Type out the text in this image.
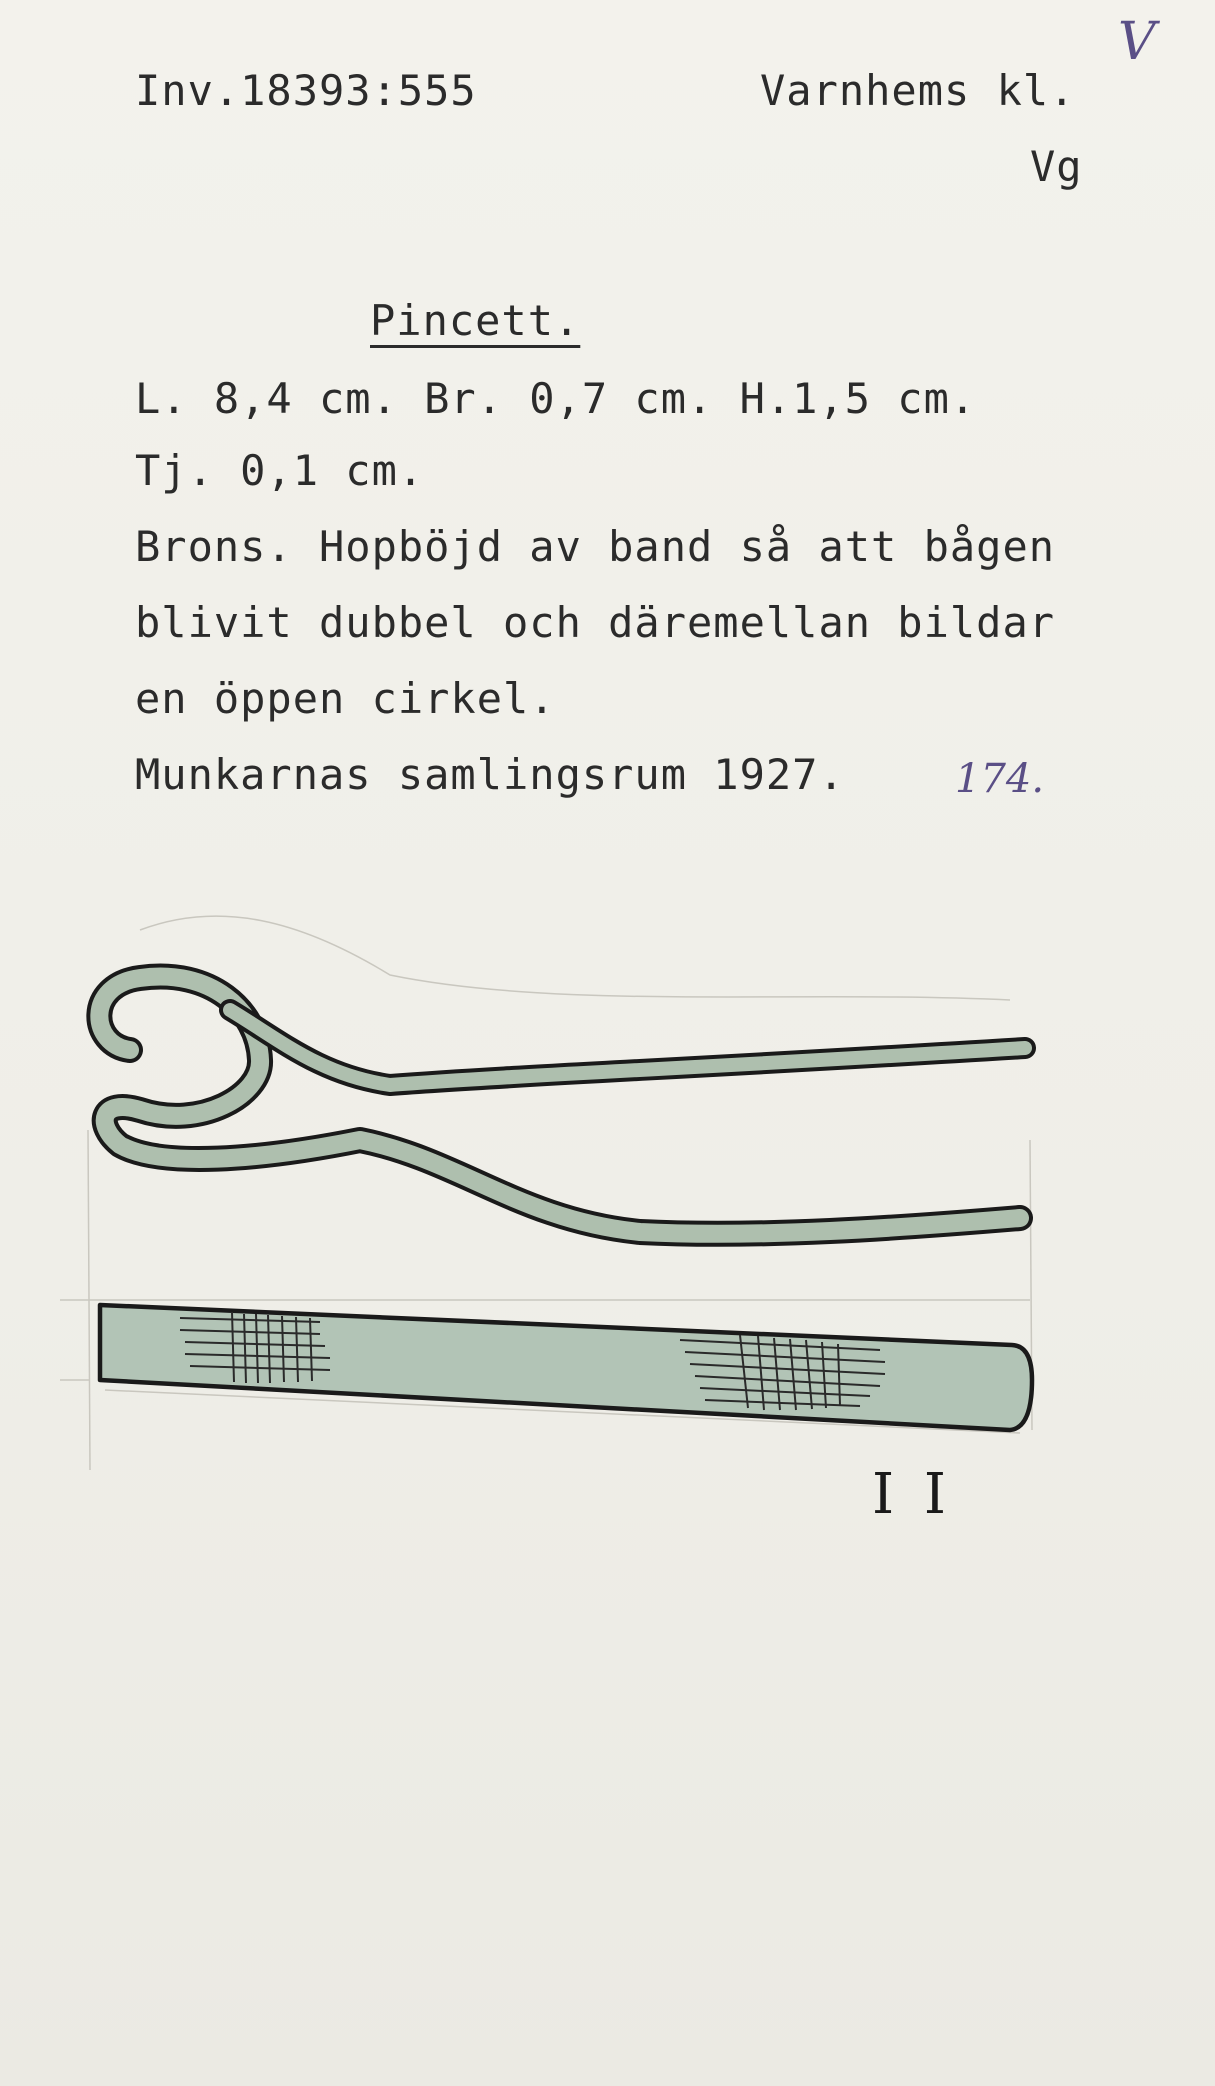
Inv.18393:555	Varnhems kl.
Vg
V
Pincett.
L. 8,4 cm. Br. 0,7 cm. H.1,5 cm.
Tj. 0,1 cm.
Brons. Hopböjd av band så att bågen
blivit dubbel och däremellan bildar
en öppen cirkel.
Munkarnas samlingsrum 1927.	174.
I I
